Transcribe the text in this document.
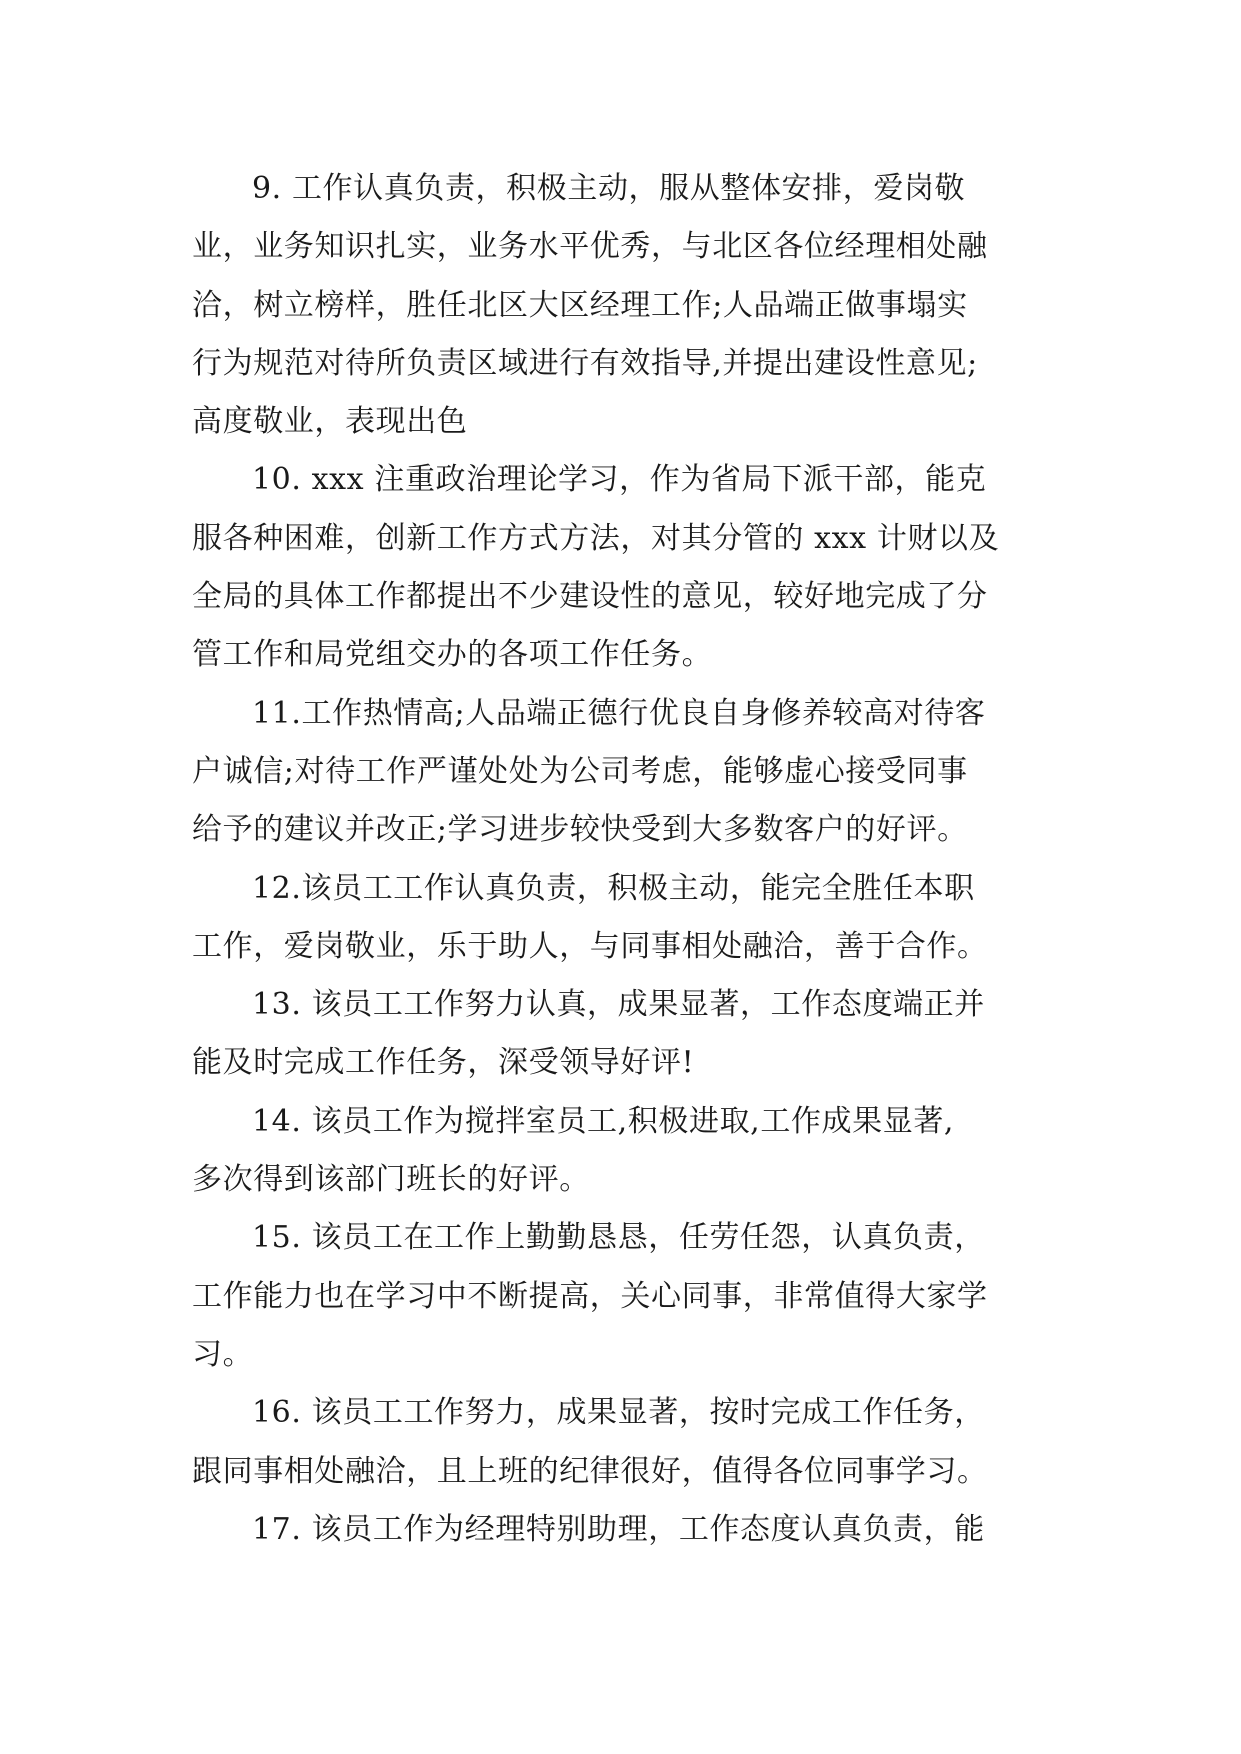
9. 工作认真负责，积极主动，服从整体安排，爱岗敬
业，业务知识扎实，业务水平优秀，与北区各位经理相处融
洽，树立榜样，胜任北区大区经理工作;人品端正做事塌实
行为规范对待所负责区域进行有效指导,并提出建设性意见;
高度敬业，表现出色

10. xxx 注重政治理论学习，作为省局下派干部，能克
服各种困难，创新工作方式方法，对其分管的 xxx 计财以及
全局的具体工作都提出不少建设性的意见，较好地完成了分
管工作和局党组交办的各项工作任务。

11.工作热情高;人品端正德行优良自身修养较高对待客
户诚信;对待工作严谨处处为公司考虑，能够虚心接受同事
给予的建议并改正;学习进步较快受到大多数客户的好评。

12.该员工工作认真负责，积极主动，能完全胜任本职
工作，爱岗敬业，乐于助人，与同事相处融洽，善于合作。

13. 该员工工作努力认真，成果显著，工作态度端正并
能及时完成工作任务，深受领导好评!

14. 该员工作为搅拌室员工,积极进取,工作成果显著,
多次得到该部门班长的好评。

15. 该员工在工作上勤勤恳恳，任劳任怨，认真负责，
工作能力也在学习中不断提高，关心同事，非常值得大家学
习。

16. 该员工工作努力，成果显著，按时完成工作任务，
跟同事相处融洽，且上班的纪律很好，值得各位同事学习。

17. 该员工作为经理特别助理，工作态度认真负责，能
